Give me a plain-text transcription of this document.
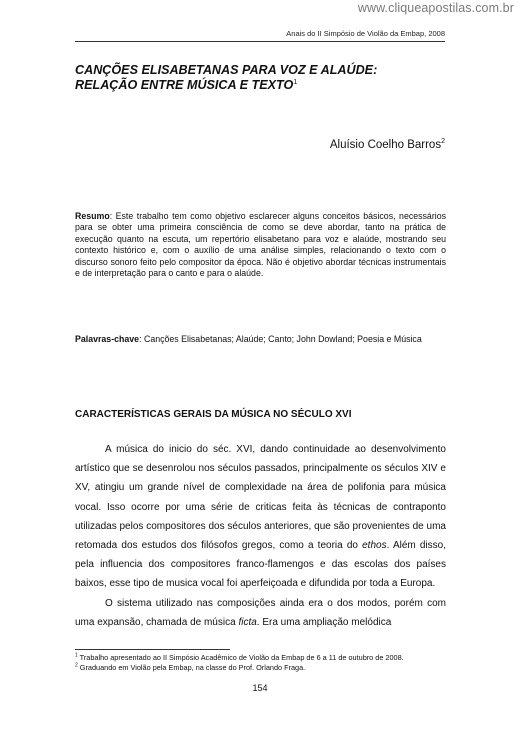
www.cliqueapostilas.com.br
Anais do II Simpósio de Violão da Embap, 2008
CANÇÕES ELISABETANAS PARA VOZ E ALAÚDE:
RELAÇÃO ENTRE MÚSICA E TEXTO$^1$
Aluísio Coelho Barros$^2$

Resumo: Este trabalho tem como objetivo esclarecer alguns conceitos básicos, necessários para se obter uma primeira consciência de como se deve abordar, tanto na prática de execução quanto na escuta, um repertório elisabetano para voz e alaúde, mostrando seu contexto histórico e, com o auxílio de uma análise simples, relacionando o texto com o discurso sonoro feito pelo compositor da época. Não é objetivo abordar técnicas instrumentais e de interpretação para o canto e para o alaúde.

Palavras-chave: Canções Elisabetanas; Alaúde; Canto; John Dowland; Poesia e Música

CARACTERÍSTICAS GERAIS DA MÚSICA NO SÉCULO XVI

A música do inicio do séc. XVI, dando continuidade ao desenvolvimento artístico que se desenrolou nos séculos passados, principalmente os séculos XIV e XV, atingiu um grande nível de complexidade na área de polifonia para música vocal. Isso ocorre por uma série de criticas feita às técnicas de contraponto utilizadas pelos compositores dos séculos anteriores, que são provenientes de uma retomada dos estudos dos filósofos gregos, como a teoria do ethos. Além disso, pela influencia dos compositores franco-flamengos e das escolas dos países baixos, esse tipo de musica vocal foi aperfeiçoada e difundida por toda a Europa.

O sistema utilizado nas composições ainda era o dos modos, porém com uma expansão, chamada de música ficta. Era uma ampliação melódica

$^1$ Trabalho apresentado ao II Simpósio Acadêmico de Violão da Embap de 6 a 11 de outubro de 2008.
$^2$ Graduando em Violão pela Embap, na classe do Prof. Orlando Fraga.
154
